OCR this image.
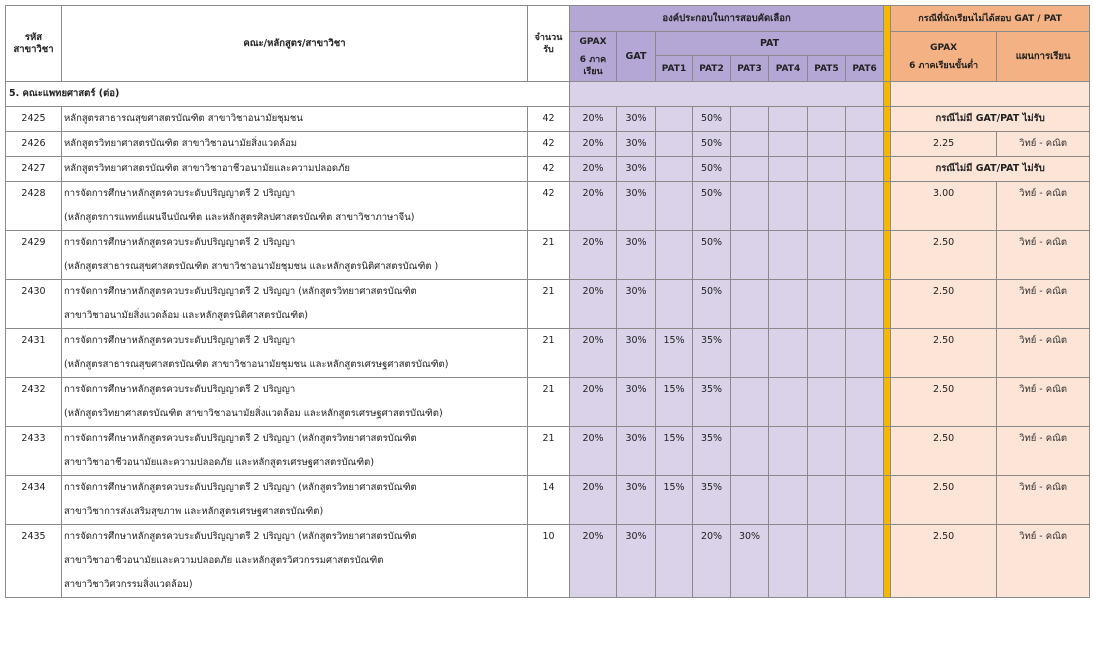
รหัส
สาขาวิชา	คณะ/หลักสูตร/สาขาวิชา	จำนวนรับ	องค์ประกอบในการสอบคัดเลือก									กรณีที่นักเรียนไม่ได้สอบ GAT / PAT	

			GPAX
6 ภาคเรียน	GAT	PAT							GPAX
6 ภาคเรียนขั้นต่ำ	แผนการเรียน
					PAT1	PAT2	PAT3	PAT4	PAT5	PAT6			
5. คณะแพทยศาสตร์ (ต่อ)													
2425	หลักสูตรสาธารณสุขศาสตรบัณฑิต สาขาวิชาอนามัยชุมชน	42	20%	30%		50%						กรณีไม่มี GAT/PAT ไม่รับ	
2426	หลักสูตรวิทยาศาสตรบัณฑิต สาขาวิชาอนามัยสิ่งแวดล้อม	42	20%	30%		50%						2.25	วิทย์ - คณิต
2427	หลักสูตรวิทยาศาสตรบัณฑิต สาขาวิชาอาชีวอนามัยและความปลอดภัย	42	20%	30%		50%						กรณีไม่มี GAT/PAT ไม่รับ	
2428	การจัดการศึกษาหลักสูตรควบระดับปริญญาตรี 2 ปริญญา
(หลักสูตรการแพทย์แผนจีนบัณฑิต และหลักสูตรศิลปศาสตรบัณฑิต สาขาวิชาภาษาจีน)	42	20%	30%		50%						3.00	วิทย์ - คณิต
2429	การจัดการศึกษาหลักสูตรควบระดับปริญญาตรี 2 ปริญญา
(หลักสูตรสาธารณสุขศาสตรบัณฑิต สาขาวิชาอนามัยชุมชน และหลักสูตรนิติศาสตรบัณฑิต )	21	20%	30%		50%						2.50	วิทย์ - คณิต
2430	การจัดการศึกษาหลักสูตรควบระดับปริญญาตรี 2 ปริญญา (หลักสูตรวิทยาศาสตรบัณฑิต
สาขาวิชาอนามัยสิ่งแวดล้อม และหลักสูตรนิติศาสตรบัณฑิต)	21	20%	30%		50%						2.50	วิทย์ - คณิต
2431	การจัดการศึกษาหลักสูตรควบระดับปริญญาตรี 2 ปริญญา
(หลักสูตรสาธารณสุขศาสตรบัณฑิต สาขาวิชาอนามัยชุมชน และหลักสูตรเศรษฐศาสตรบัณฑิต)	21	20%	30%	15%	35%						2.50	วิทย์ - คณิต
2432	การจัดการศึกษาหลักสูตรควบระดับปริญญาตรี 2 ปริญญา
(หลักสูตรวิทยาศาสตรบัณฑิต สาขาวิชาอนามัยสิ่งแวดล้อม และหลักสูตรเศรษฐศาสตรบัณฑิต)	21	20%	30%	15%	35%						2.50	วิทย์ - คณิต
2433	การจัดการศึกษาหลักสูตรควบระดับปริญญาตรี 2 ปริญญา (หลักสูตรวิทยาศาสตรบัณฑิต
สาขาวิชาอาชีวอนามัยและความปลอดภัย และหลักสูตรเศรษฐศาสตรบัณฑิต)	21	20%	30%	15%	35%						2.50	วิทย์ - คณิต
2434	การจัดการศึกษาหลักสูตรควบระดับปริญญาตรี 2 ปริญญา (หลักสูตรวิทยาศาสตรบัณฑิต
สาขาวิชาการส่งเสริมสุขภาพ และหลักสูตรเศรษฐศาสตรบัณฑิต)	14	20%	30%	15%	35%						2.50	วิทย์ - คณิต
2435	การจัดการศึกษาหลักสูตรควบระดับปริญญาตรี 2 ปริญญา (หลักสูตรวิทยาศาสตรบัณฑิต
สาขาวิชาอาชีวอนามัยและความปลอดภัย และหลักสูตรวิศวกรรมศาสตรบัณฑิต
สาขาวิชาวิศวกรรมสิ่งแวดล้อม)	10	20%	30%		20%	30%					2.50	วิทย์ - คณิต
